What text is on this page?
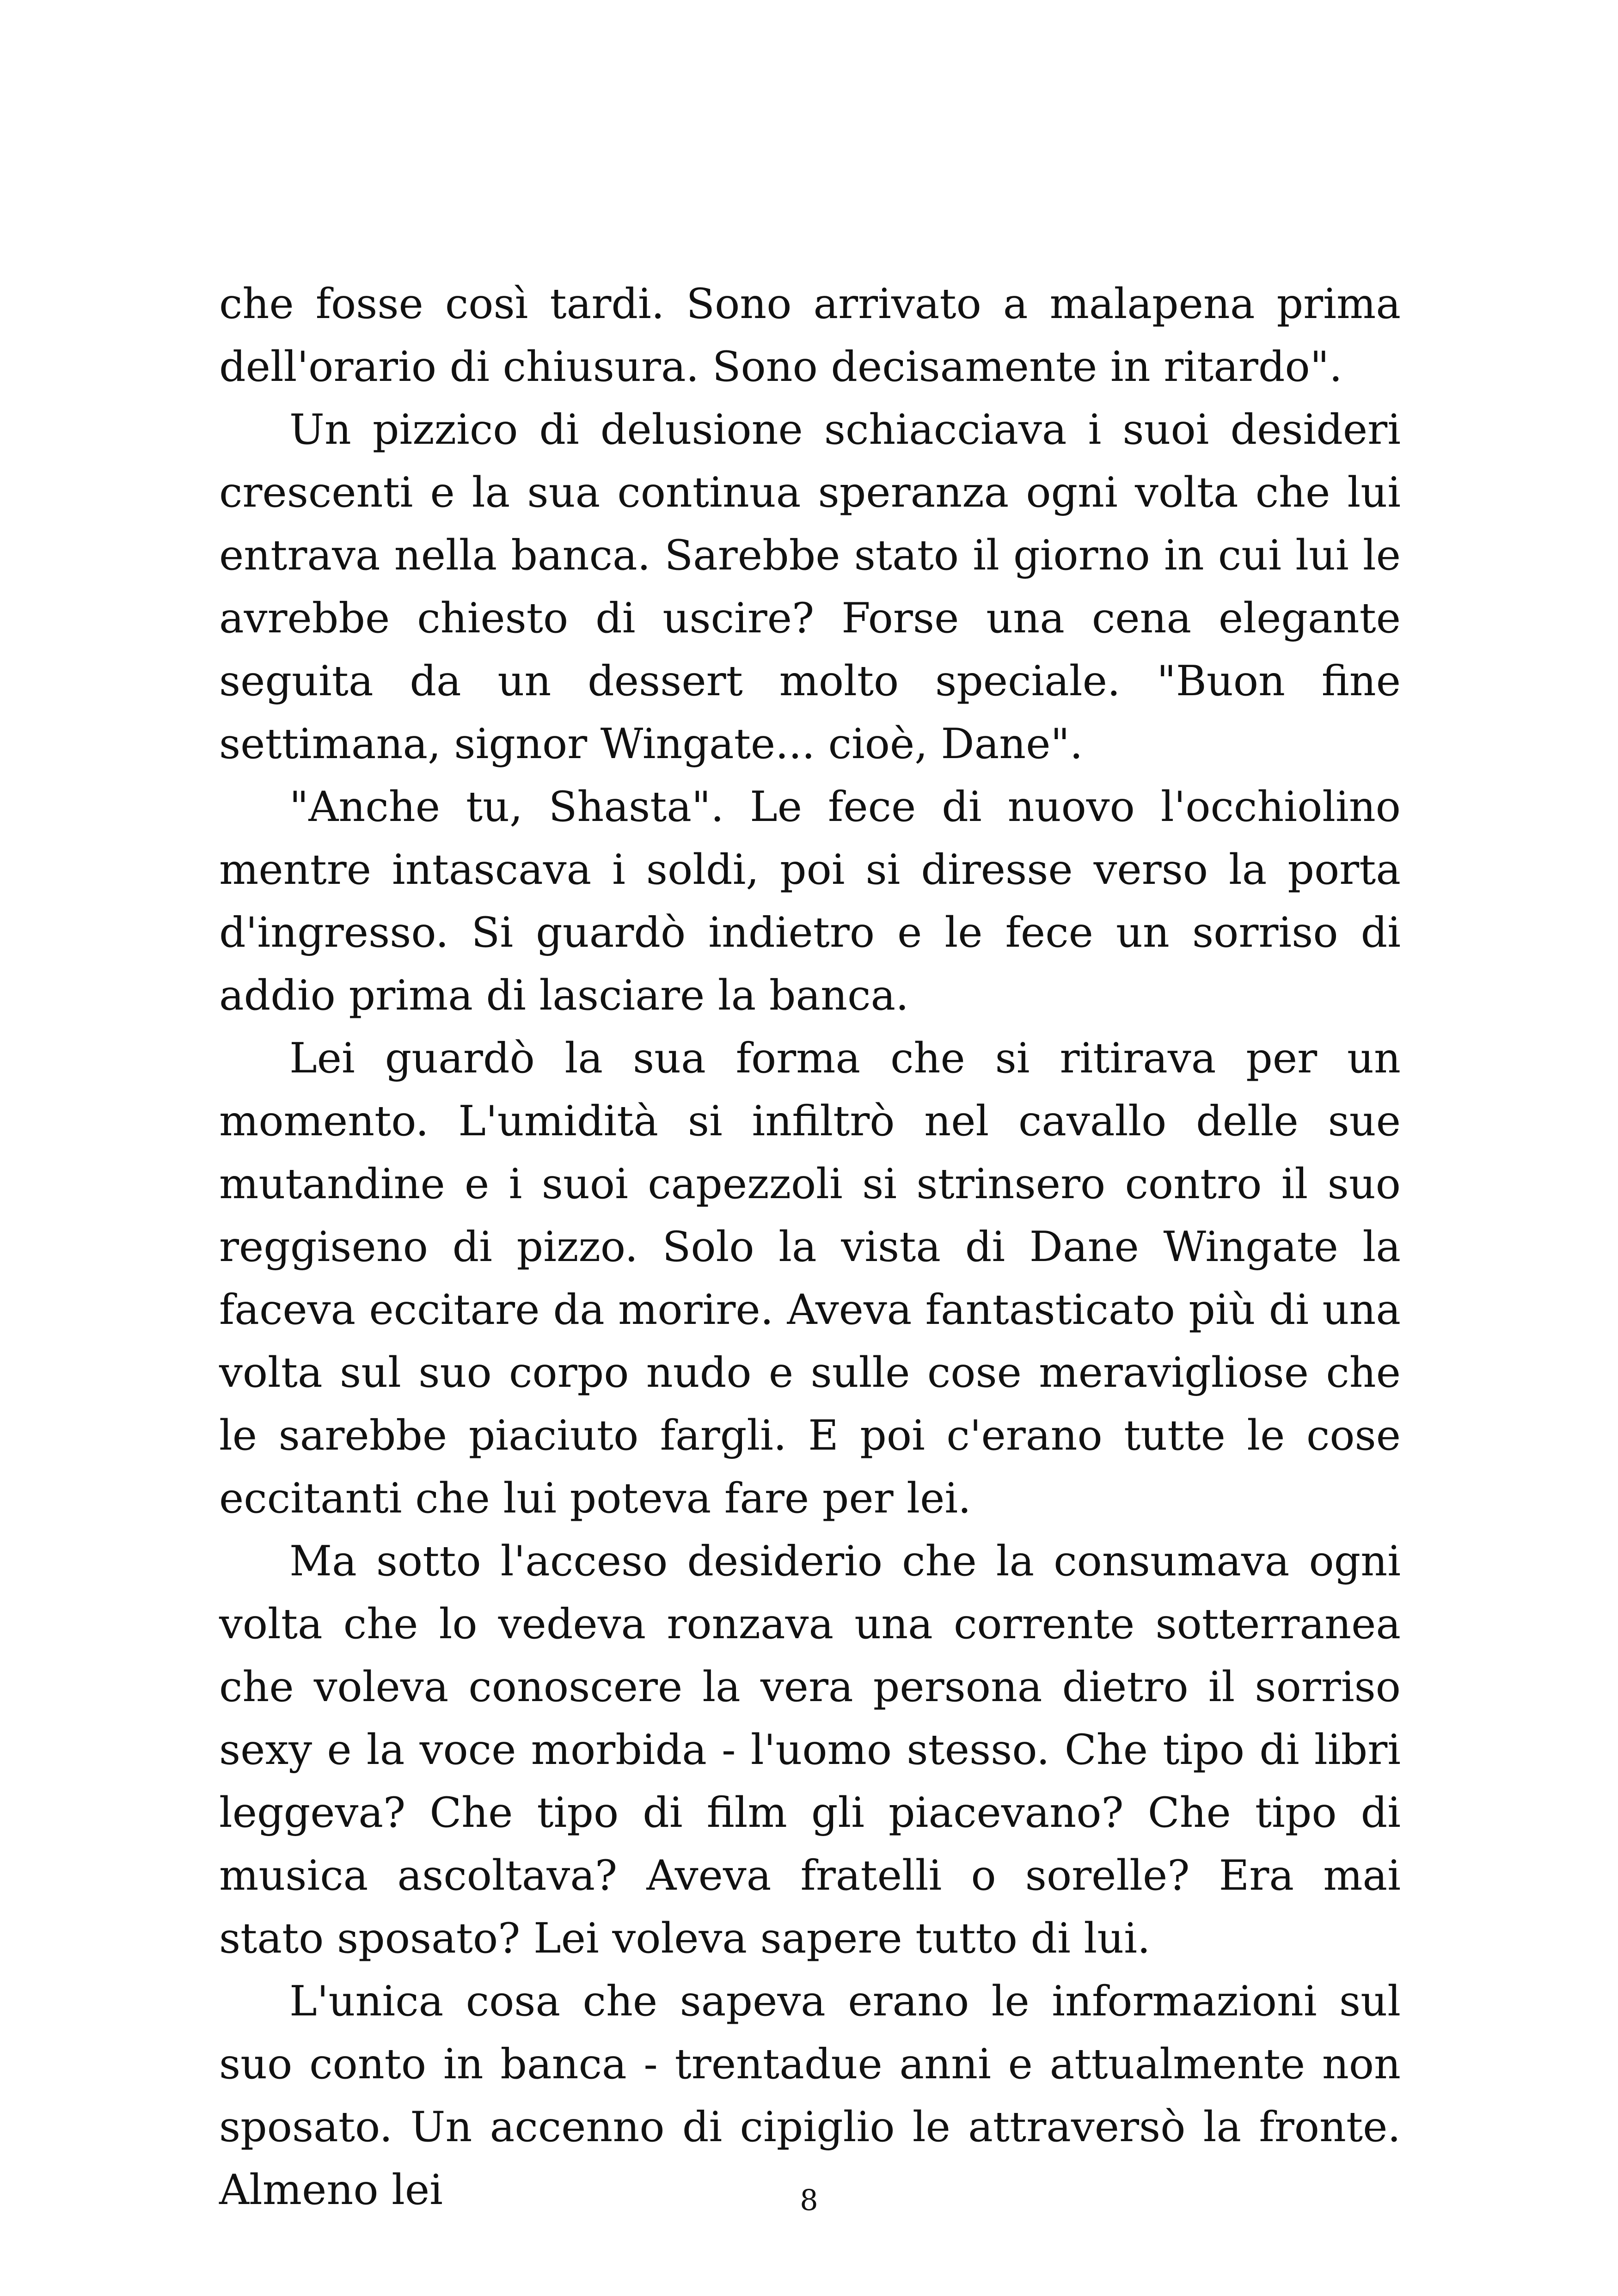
che fosse così tardi. Sono arrivato a malapena prima dell'orario di chiusura. Sono decisamente in ritardo".

Un pizzico di delusione schiacciava i suoi desideri crescenti e la sua continua speranza ogni volta che lui entrava nella banca. Sarebbe stato il giorno in cui lui le avrebbe chiesto di uscire? Forse una cena elegante seguita da un dessert molto speciale. "Buon fine settimana, signor Wingate... cioè, Dane".

"Anche tu, Shasta". Le fece di nuovo l'occhiolino mentre intascava i soldi, poi si diresse verso la porta d'ingresso. Si guardò indietro e le fece un sorriso di addio prima di lasciare la banca.

Lei guardò la sua forma che si ritirava per un momento. L'umidità si infiltrò nel cavallo delle sue mutandine e i suoi capezzoli si strinsero contro il suo reggiseno di pizzo. Solo la vista di Dane Wingate la faceva eccitare da morire. Aveva fantasticato più di una volta sul suo corpo nudo e sulle cose meravigliose che le sarebbe piaciuto fargli. E poi c'erano tutte le cose eccitanti che lui poteva fare per lei.

Ma sotto l'acceso desiderio che la consumava ogni volta che lo vedeva ronzava una corrente sotterranea che voleva conoscere la vera persona dietro il sorriso sexy e la voce morbida - l'uomo stesso. Che tipo di libri leggeva? Che tipo di film gli piacevano? Che tipo di musica ascoltava? Aveva fratelli o sorelle? Era mai stato sposato? Lei voleva sapere tutto di lui.

L'unica cosa che sapeva erano le informazioni sul suo conto in banca - trentadue anni e attualmente non sposato. Un accenno di cipiglio le attraversò la fronte. Almeno lei	8
